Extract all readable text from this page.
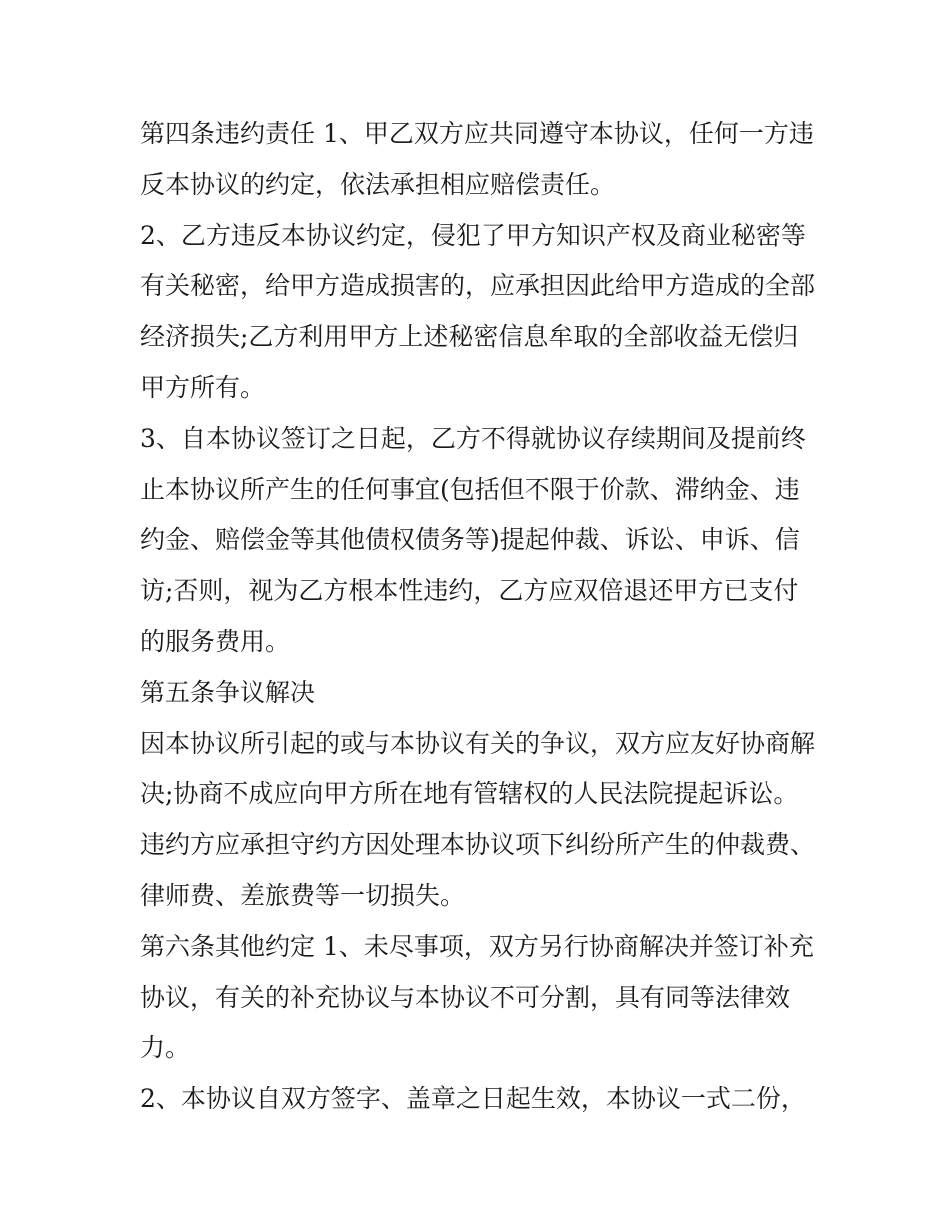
第四条违约责任 1、甲乙双方应共同遵守本协议，任何一方违
反本协议的约定，依法承担相应赔偿责任。

2、乙方违反本协议约定，侵犯了甲方知识产权及商业秘密等
有关秘密，给甲方造成损害的，应承担因此给甲方造成的全部
经济损失;乙方利用甲方上述秘密信息牟取的全部收益无偿归
甲方所有。

3、自本协议签订之日起，乙方不得就协议存续期间及提前终
止本协议所产生的任何事宜(包括但不限于价款、滞纳金、违
约金、赔偿金等其他债权债务等)提起仲裁、诉讼、申诉、信
访;否则，视为乙方根本性违约，乙方应双倍退还甲方已支付
的服务费用。

第五条争议解决

因本协议所引起的或与本协议有关的争议，双方应友好协商解
决;协商不成应向甲方所在地有管辖权的人民法院提起诉讼。

违约方应承担守约方因处理本协议项下纠纷所产生的仲裁费、
律师费、差旅费等一切损失。

第六条其他约定 1、未尽事项，双方另行协商解决并签订补充
协议，有关的补充协议与本协议不可分割，具有同等法律效
力。

2、本协议自双方签字、盖章之日起生效，本协议一式二份，
